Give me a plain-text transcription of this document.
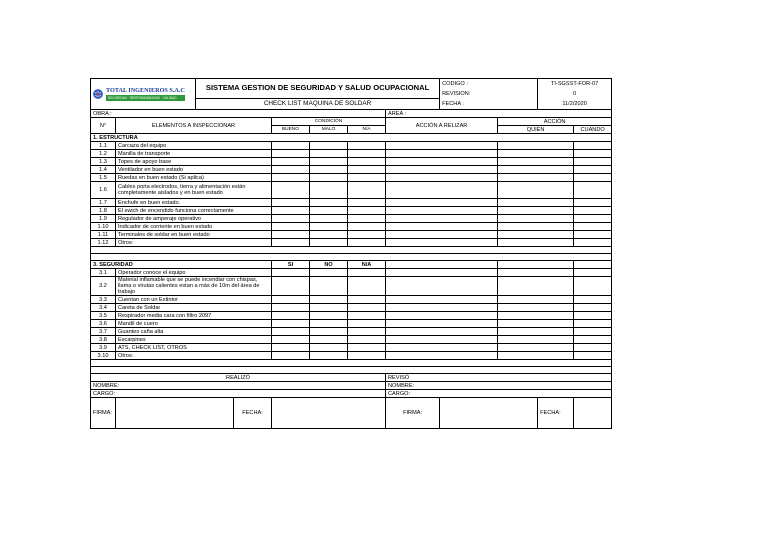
TOTAL INGENIEROS S.A.C
SEGURIDAD · RESPONSABILIDAD · CALIDAD		SISTEMA GESTION DE SEGURIDAD Y SALUD OCUPACIONAL						CODIGO :		TI-SGSST-FOR-07	
								REVISION:		0	
		CHECK LIST MAQUINA DE SOLDAR						FECHA :		11/2/2020	
OBRA :							AREA :				
N°	ELEMENTOS A INSPECCIONAR			CONDICIÓN			ACCIÓN A RELIZAR		ACCIÓN		
				BUENO	MALO	N/A			QUIÉN		CUANDO
1. ESTRUCTURA											
1.1	Carcaza del equipo										
1.2	Manilla de transporte										
1.3	Topes de apoyo base										
1.4	Ventilador en buen estado										
1.5	Ruedas en buen estado (Si aplica)										
1.6	Cables porta electrodos, tierra y alimentación están completamente aislados y en buen estado										
1.7	Enchufe en buen estado.										
1.8	El swich de encendido funciona correctamente										
1.9	Regulador de amperaje operativo										
1.10	Indicador de corriente en buen estado										
1.11	Terminales de soldar en buen estado										
1.12	Otros:										

3. SEGURIDAD				SI	NO	N/A					
3.1	Operador conoce el equipo										
3.2	Material inflamable que se puede incendiar con chispas, llama o virutas calientes estan a más de 10m del área de trabajo										
3.3	Cuentan con un Extintor										
3.4	Careta de Soldar										
3.5	Respirador media cara con filtro 2097										
3.6	Mandil de cuero										
3.7	Guantes caña alta										
3.8	Escarpines										
3.9	ATS, CHECK LIST, OTROS										
3.10	Otros:										

REALIZÓ							REVISÓ				
NOMBRE:							NOMBRE:				
CARGO:							CARGO:				
FIRMA:			FECHA:				FIRMA:			FECHA:	
